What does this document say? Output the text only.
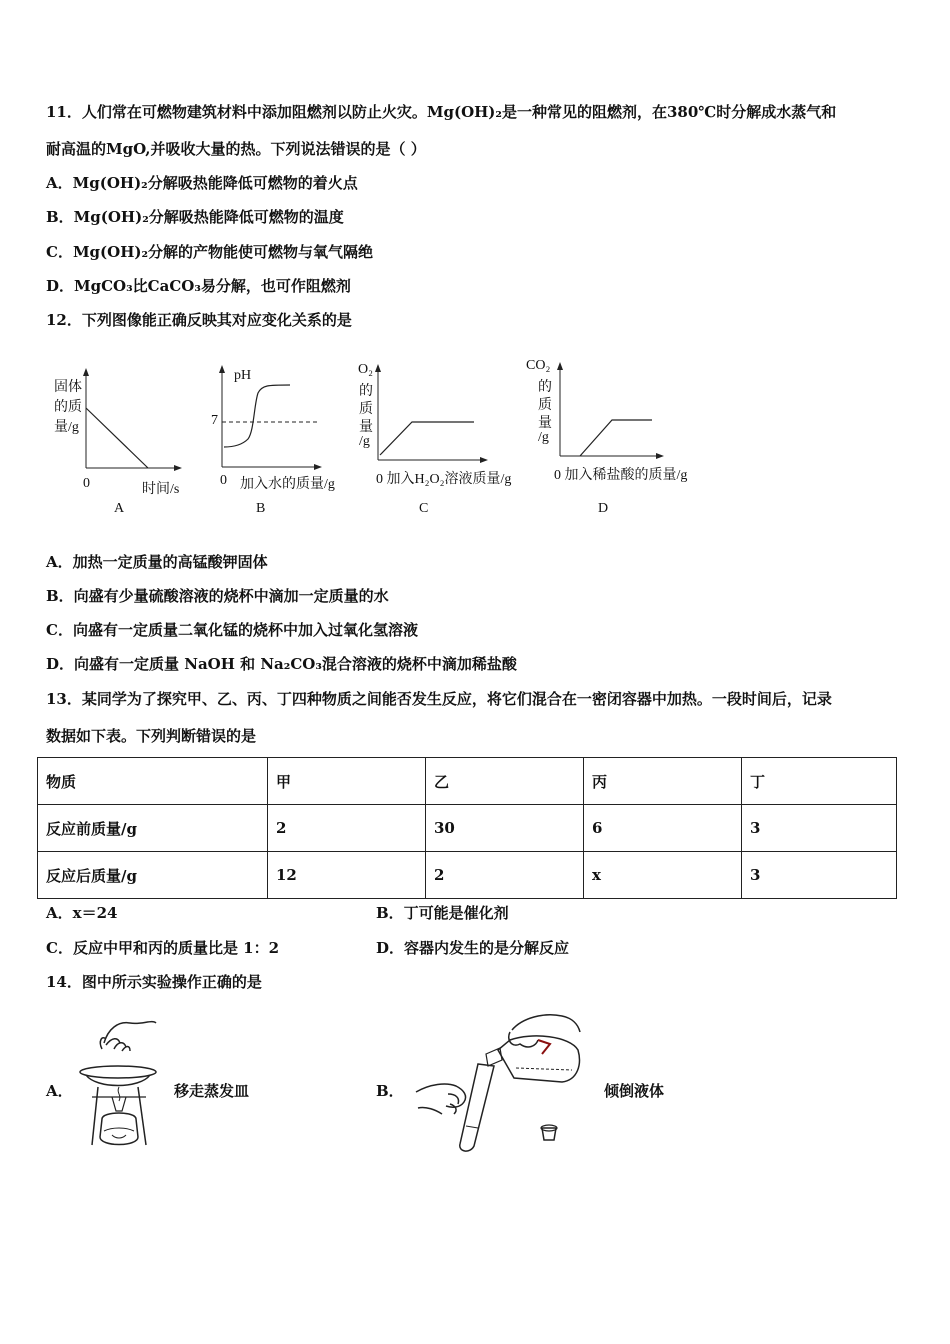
11．人们常在可燃物建筑材料中添加阻燃剂以防止火灾。Mg(OH)₂是一种常见的阻燃剂，在380℃时分解成水蒸气和
耐高温的MgO,并吸收大量的热。下列说法错误的是（ ）
A．Mg(OH)₂分解吸热能降低可燃物的着火点
B．Mg(OH)₂分解吸热能降低可燃物的温度
C．Mg(OH)₂分解的产物能使可燃物与氧气隔绝
D．MgCO₃比CaCO₃易分解，也可作阻燃剂
12．下列图像能正确反映其对应变化关系的是
固体
的质
量/g
0	时间/s
A
pH
7
0 加入水的质量/g
B
O₂
的
质
量
/g
0 加入H₂O₂溶液质量/g
C
CO₂
的
质
量
/g
0 加入稀盐酸的质量/g
D
A．加热一定质量的高锰酸钾固体
B．向盛有少量硫酸溶液的烧杯中滴加一定质量的水
C．向盛有一定质量二氧化锰的烧杯中加入过氧化氢溶液
D．向盛有一定质量 NaOH 和 Na₂CO₃混合溶液的烧杯中滴加稀盐酸
13．某同学为了探究甲、乙、丙、丁四种物质之间能否发生反应，将它们混合在一密闭容器中加热。一段时间后，记录
数据如下表。下列判断错误的是
物质	甲	乙	丙	丁
反应前质量/g	2	30	6	3
反应后质量/g	12	2	x	3
A．x＝24	B．丁可能是催化剂
C．反应中甲和丙的质量比是 1：2	D．容器内发生的是分解反应
14．图中所示实验操作正确的是
A．	移走蒸发皿	B．	倾倒液体
